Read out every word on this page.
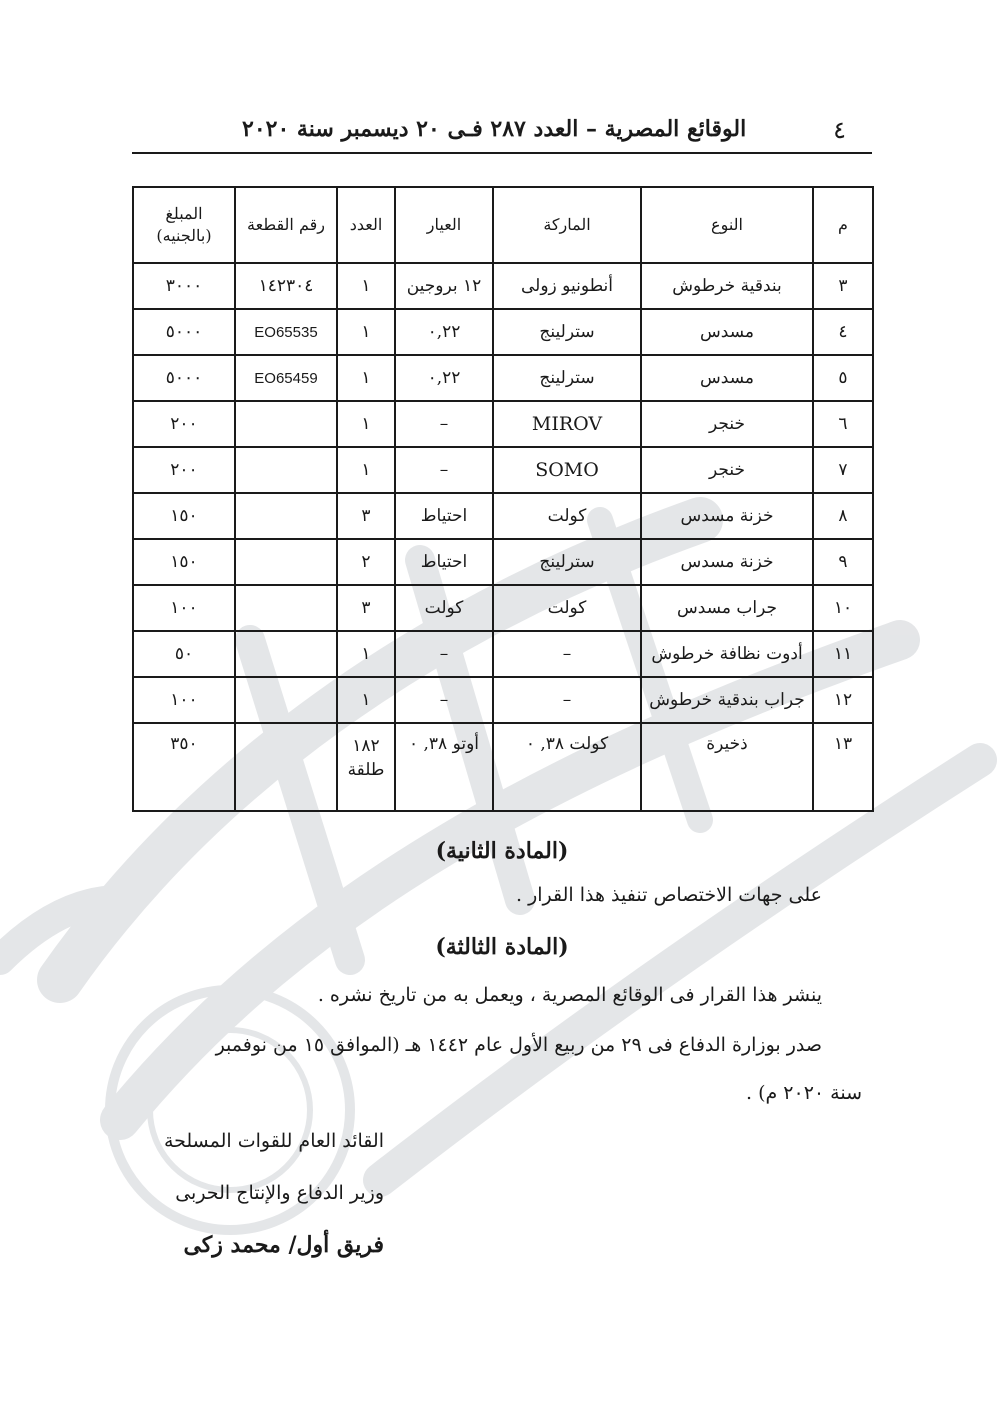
٤
الوقائع المصرية – العدد ٢٨٧ فـى ٢٠ ديسمبر سنة ٢٠٢٠
م	النوع	الماركة	العيار	العدد	رقم القطعة	المبلغ (بالجنيه)
٣	بندقية خرطوش	أنطونيو زولى	١٢ بروجين	١	١٤٢٣٠٤	٣٠٠٠
٤	مسدس	سترلينج	٠,٢٢	١	EO65535	٥٠٠٠
٥	مسدس	سترلينج	٠,٢٢	١	EO65459	٥٠٠٠
٦	خنجر	MIROV	–	١		٢٠٠
٧	خنجر	SOMO	–	١		٢٠٠
٨	خزنة مسدس	كولت	احتياط	٣		١٥٠
٩	خزنة مسدس	سترلينج	احتياط	٢		١٥٠
١٠	جراب مسدس	كولت	كولت	٣		١٠٠
١١	أدوت نظافة خرطوش	–	–	١		٥٠
١٢	جراب بندقية خرطوش	–	–	١		١٠٠
١٣	ذخيرة	كولت ٣٨, ٠	أوتو ٣٨, ٠	١٨٢ طلقة		٣٥٠
(المادة الثانية)
على جهات الاختصاص تنفيذ هذا القرار .
(المادة الثالثة)
ينشر هذا القرار فى الوقائع المصرية ، ويعمل به من تاريخ نشره .
صدر بوزارة الدفاع فى ٢٩ من ربيع الأول عام ١٤٤٢ هـ (الموافق ١٥ من نوفمبر
سنة ٢٠٢٠ م) .
القائد العام للقوات المسلحة
وزير الدفاع والإنتاج الحربى
فريق أول/ محمد زكى
